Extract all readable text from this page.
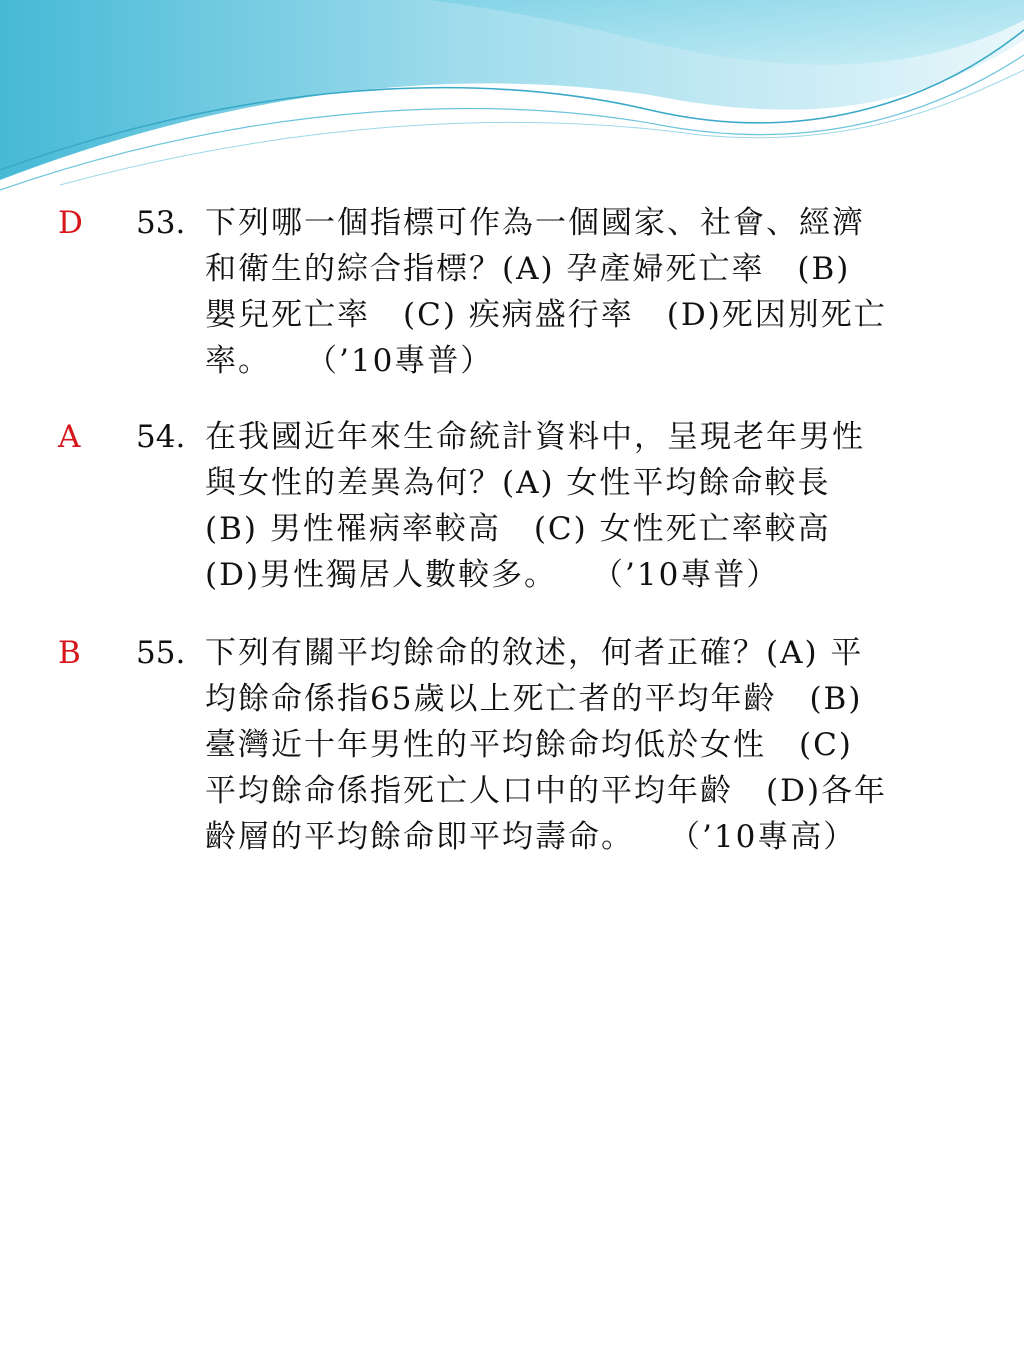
D 53. 下列哪一個指標可作為一個國家、社會、經濟
和衛生的綜合指標？(A) 孕產婦死亡率　(B)
嬰兒死亡率　(C) 疾病盛行率　(D)死因別死亡
率。　　（’10專普）
A 54. 在我國近年來生命統計資料中，呈現老年男性
與女性的差異為何？(A) 女性平均餘命較長
(B) 男性罹病率較高　(C) 女性死亡率較高
(D)男性獨居人數較多。　　（’10專普）
B 55. 下列有關平均餘命的敘述，何者正確？(A) 平
均餘命係指65歲以上死亡者的平均年齡　(B)
臺灣近十年男性的平均餘命均低於女性　(C)
平均餘命係指死亡人口中的平均年齡　(D)各年
齡層的平均餘命即平均壽命。　　（’10專高）
